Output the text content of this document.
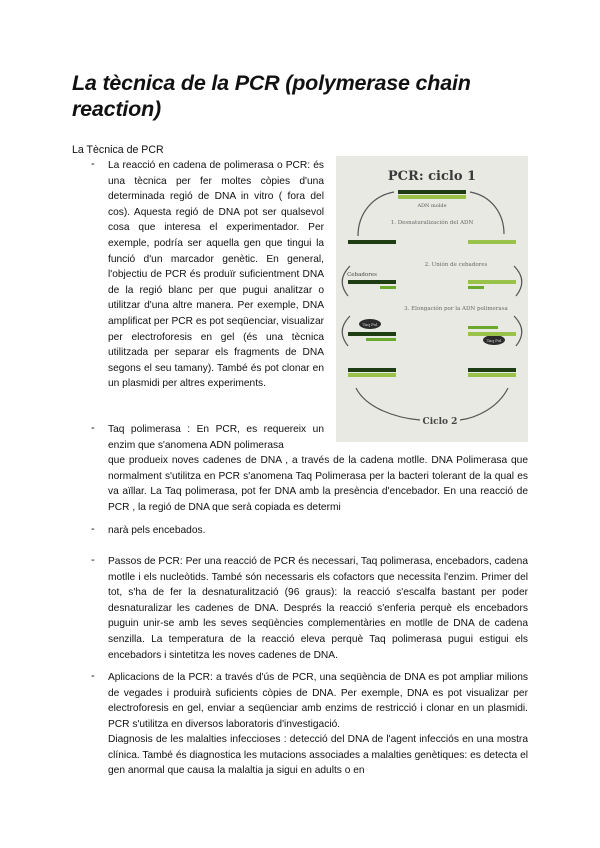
La tècnica de la PCR (polymerase chain reaction)

La Tècnica de PCR

-
-
-
-
-

La reacció en cadena de polimerasa o PCR: és una tècnica per fer moltes còpies d'una determinada regió de DNA in vitro ( fora del cos). Aquesta regió de DNA pot ser qualsevol cosa que interesa el experimentador. Per exemple, podría ser aquella gen que tingui la funció d'un marcador genètic. En general, l'objectiu de PCR és produïr suficientment DNA de la regió blanc per que pugui analitzar o utilitzar d'una altre manera. Per exemple, DNA amplificat per PCR es pot seqüenciar, visualizar per electroforesis en gel (és una tècnica utilitzada per separar els fragments de DNA segons el seu tamany). També és pot clonar en un plasmidi per altres experiments.

Taq polimerasa : En PCR, es requereix un enzim que s'anomena ADN polimerasa

que produeix noves cadenes de DNA , a través de la cadena motlle. DNA Polimerasa que normalment s'utilitza en PCR s'anomena Taq Polimerasa per la bacteri tolerant de la qual es va aïllar. La Taq polimerasa, pot fer DNA amb la presència d'encebador. En una reacció de PCR , la regió de DNA que serà copiada es determi

narà pels encebados.

Passos de PCR: Per una reacció de PCR és necessari, Taq polimerasa, encebadors, cadena motlle i els nucleòtids. També són necessaris els cofactors que necessita l'enzim. Primer del tot, s'ha de fer la desnaturalització (96 graus): la reacció s'escalfa bastant per poder desnaturalizar les cadenes de DNA. Després la reacció s'enferia perquè els encebadors puguin unir-se amb les seves seqüències complementàries en motlle de DNA de cadena senzilla. La temperatura de la reacció eleva perquè Taq polimerasa pugui estigui els encebadors i sintetitza les noves cadenes de DNA.

Aplicacions de la PCR: a través d'ús de PCR, una seqüència de DNA es pot ampliar milions de vegades i produirà suficients còpies de DNA. Per exemple, DNA es pot visualizar per electroforesis en gel, enviar a seqüenciar amb enzims de restricció i clonar en un plasmidi. PCR s'utilitza en diversos laboratoris d'investigació.

Diagnosis de les malalties infeccioses : detecció del DNA de l'agent infecciós en una mostra clínica. També és diagnostica les mutacions associades a malalties genètiques: es detecta el gen anormal que causa la malaltia ja sigui en adults o en

PCR: ciclo 1
ADN molde
1. Desnaturalización del ADN
2. Unión de cebadores
Cebadores
3. Elongación por la ADN polimerasa
Taq Pol
Taq Pol
Ciclo 2
